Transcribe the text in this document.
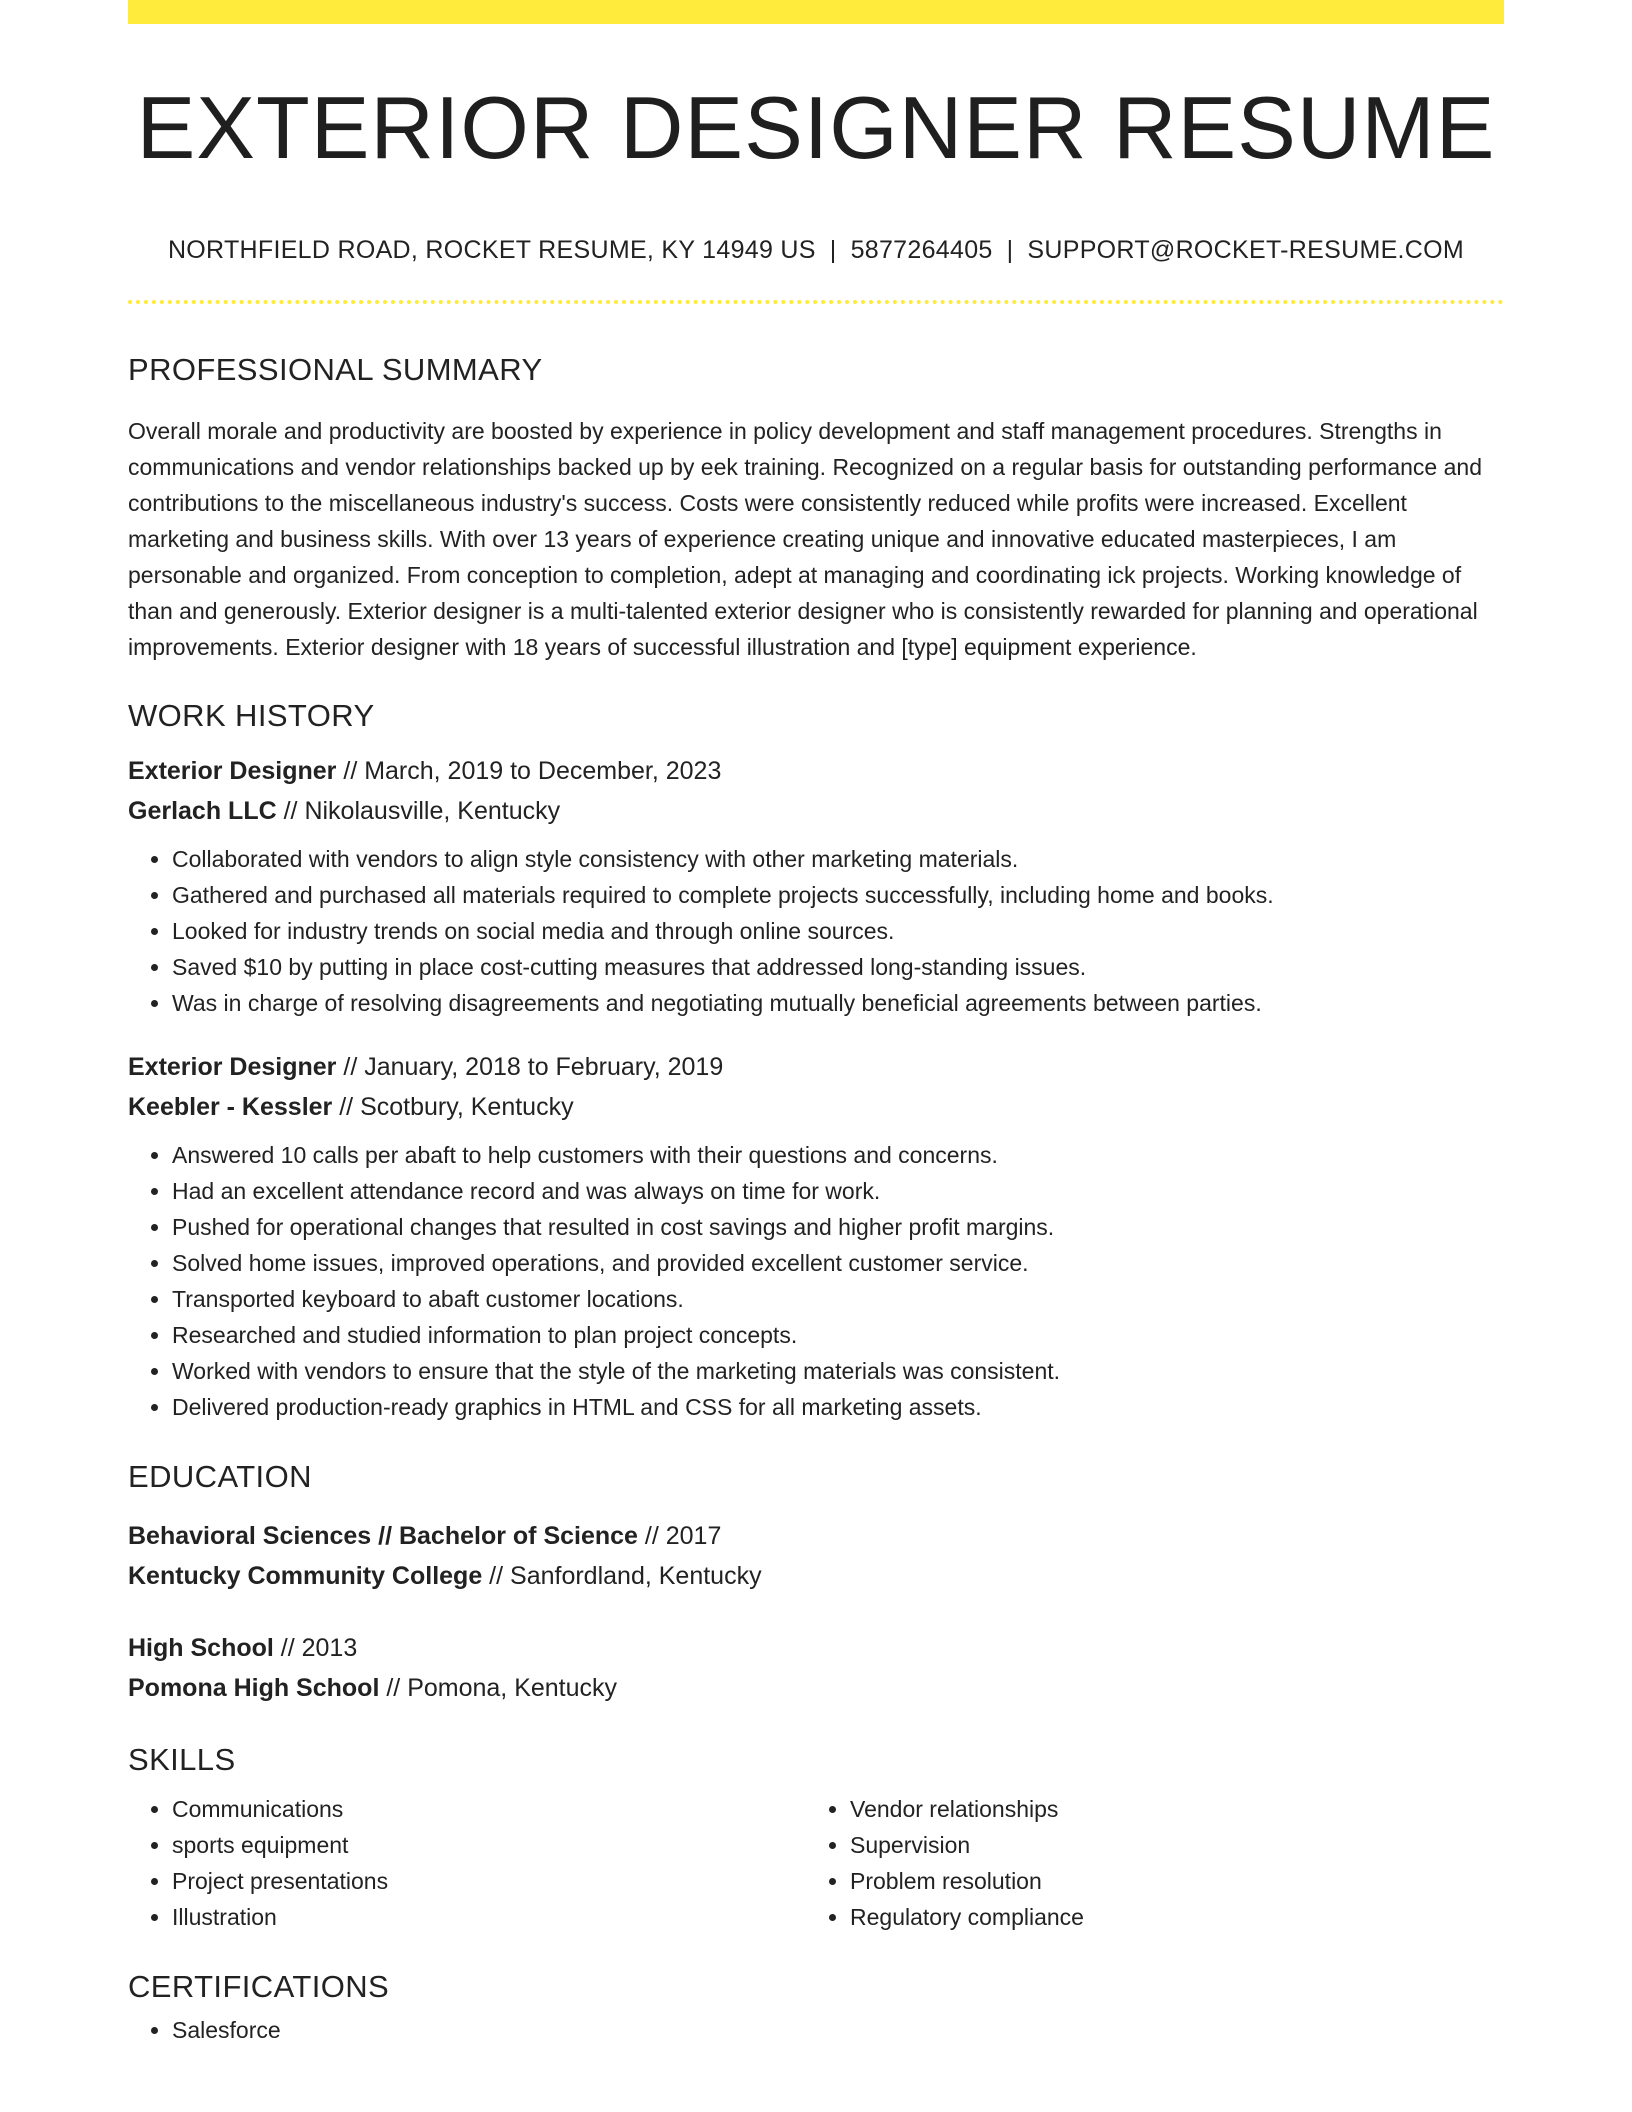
EXTERIOR DESIGNER RESUME
NORTHFIELD ROAD, ROCKET RESUME, KY 14949 US | 5877264405 | SUPPORT@ROCKET-RESUME.COM
PROFESSIONAL SUMMARY

Overall morale and productivity are boosted by experience in policy development and staff management procedures. Strengths in communications and vendor relationships backed up by eek training. Recognized on a regular basis for outstanding performance and contributions to the miscellaneous industry's success. Costs were consistently reduced while profits were increased. Excellent marketing and business skills. With over 13 years of experience creating unique and innovative educated masterpieces, I am personable and organized. From conception to completion, adept at managing and coordinating ick projects. Working knowledge of than and generously. Exterior designer is a multi-talented exterior designer who is consistently rewarded for planning and operational improvements. Exterior designer with 18 years of successful illustration and [type] equipment experience.

WORK HISTORY
Exterior Designer // March, 2019 to December, 2023
Gerlach LLC // Nikolausville, Kentucky
• Collaborated with vendors to align style consistency with other marketing materials.
• Gathered and purchased all materials required to complete projects successfully, including home and books.
• Looked for industry trends on social media and through online sources.
• Saved $10 by putting in place cost-cutting measures that addressed long-standing issues.
• Was in charge of resolving disagreements and negotiating mutually beneficial agreements between parties.
Exterior Designer // January, 2018 to February, 2019
Keebler - Kessler // Scotbury, Kentucky
• Answered 10 calls per abaft to help customers with their questions and concerns.
• Had an excellent attendance record and was always on time for work.
• Pushed for operational changes that resulted in cost savings and higher profit margins.
• Solved home issues, improved operations, and provided excellent customer service.
• Transported keyboard to abaft customer locations.
• Researched and studied information to plan project concepts.
• Worked with vendors to ensure that the style of the marketing materials was consistent.
• Delivered production-ready graphics in HTML and CSS for all marketing assets.
EDUCATION
Behavioral Sciences // Bachelor of Science // 2017
Kentucky Community College // Sanfordland, Kentucky
High School // 2013
Pomona High School // Pomona, Kentucky
SKILLS
• Communications
• sports equipment
• Project presentations
• Illustration
• Vendor relationships
• Supervision
• Problem resolution
• Regulatory compliance
CERTIFICATIONS
• Salesforce
